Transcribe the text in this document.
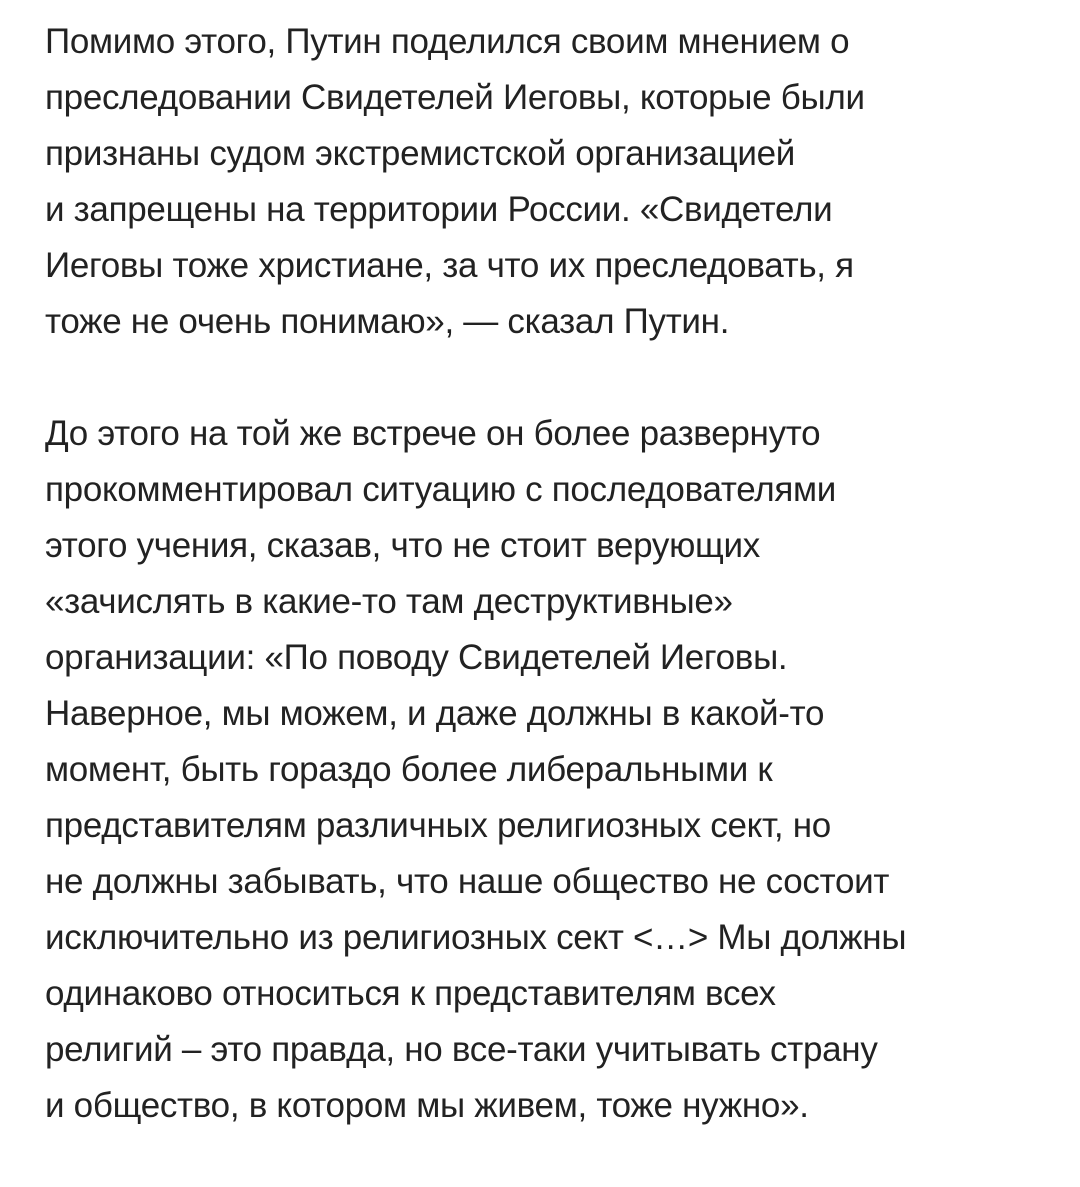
Помимо этого, Путин поделился своим мнением о
преследовании Свидетелей Иеговы, которые были
признаны судом экстремистской организацией
и запрещены на территории России. «Свидетели
Иеговы тоже христиане, за что их преследовать, я
тоже не очень понимаю», — сказал Путин.

До этого на той же встрече он более развернуто
прокомментировал ситуацию с последователями
этого учения, сказав, что не стоит верующих
«зачислять в какие-то там деструктивные»
организации: «По поводу Свидетелей Иеговы.
Наверное, мы можем, и даже должны в какой-то
момент, быть гораздо более либеральными к
представителям различных религиозных сект, но
не должны забывать, что наше общество не состоит
исключительно из религиозных сект <…> Мы должны
одинаково относиться к представителям всех
религий – это правда, но все-таки учитывать страну
и общество, в котором мы живем, тоже нужно».
